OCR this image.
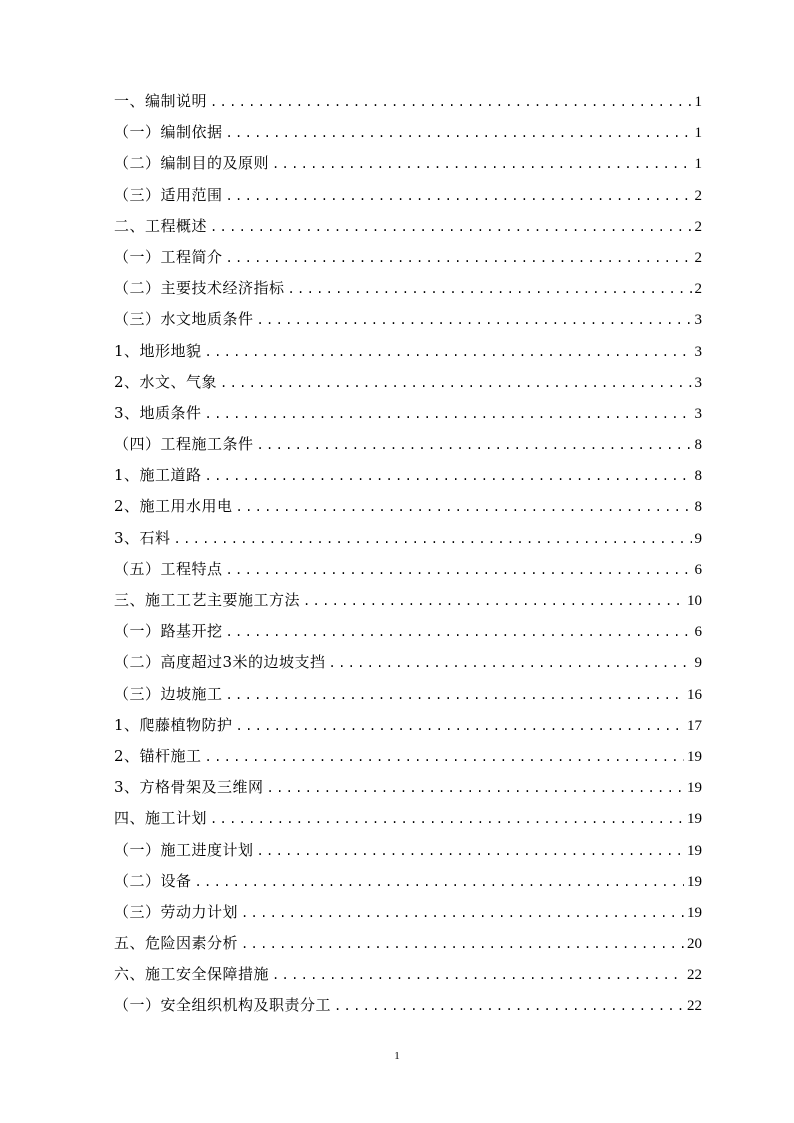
一、编制说明 .....	1
（一）编制依据 .....	1
（二）编制目的及原则 .....	1
（三）适用范围 .....	2
二、工程概述 .....	2
（一）工程简介 .....	2
（二）主要技术经济指标 .....	2
（三）水文地质条件 .....	3
1、地形地貌 .....	3
2、水文、气象 .....	3
3、地质条件 .....	3
（四）工程施工条件 .....	8
1、施工道路 .....	8
2、施工用水用电 .....	8
3、石料 .....	9
（五）工程特点 .....	6
三、施工工艺主要施工方法 .....	10
（一）路基开挖 .....	6
（二）高度超过3米的边坡支挡 .....	9
（三）边坡施工 .....	16
1、爬藤植物防护 .....	17
2、锚杆施工 .....	19
3、方格骨架及三维网 .....	19
四、施工计划 .....	19
（一）施工进度计划 .....	19
（二）设备 .....	19
（三）劳动力计划 .....	19
五、危险因素分析 .....	20
六、施工安全保障措施 .....	22
（一）安全组织机构及职责分工 .....	22
1
